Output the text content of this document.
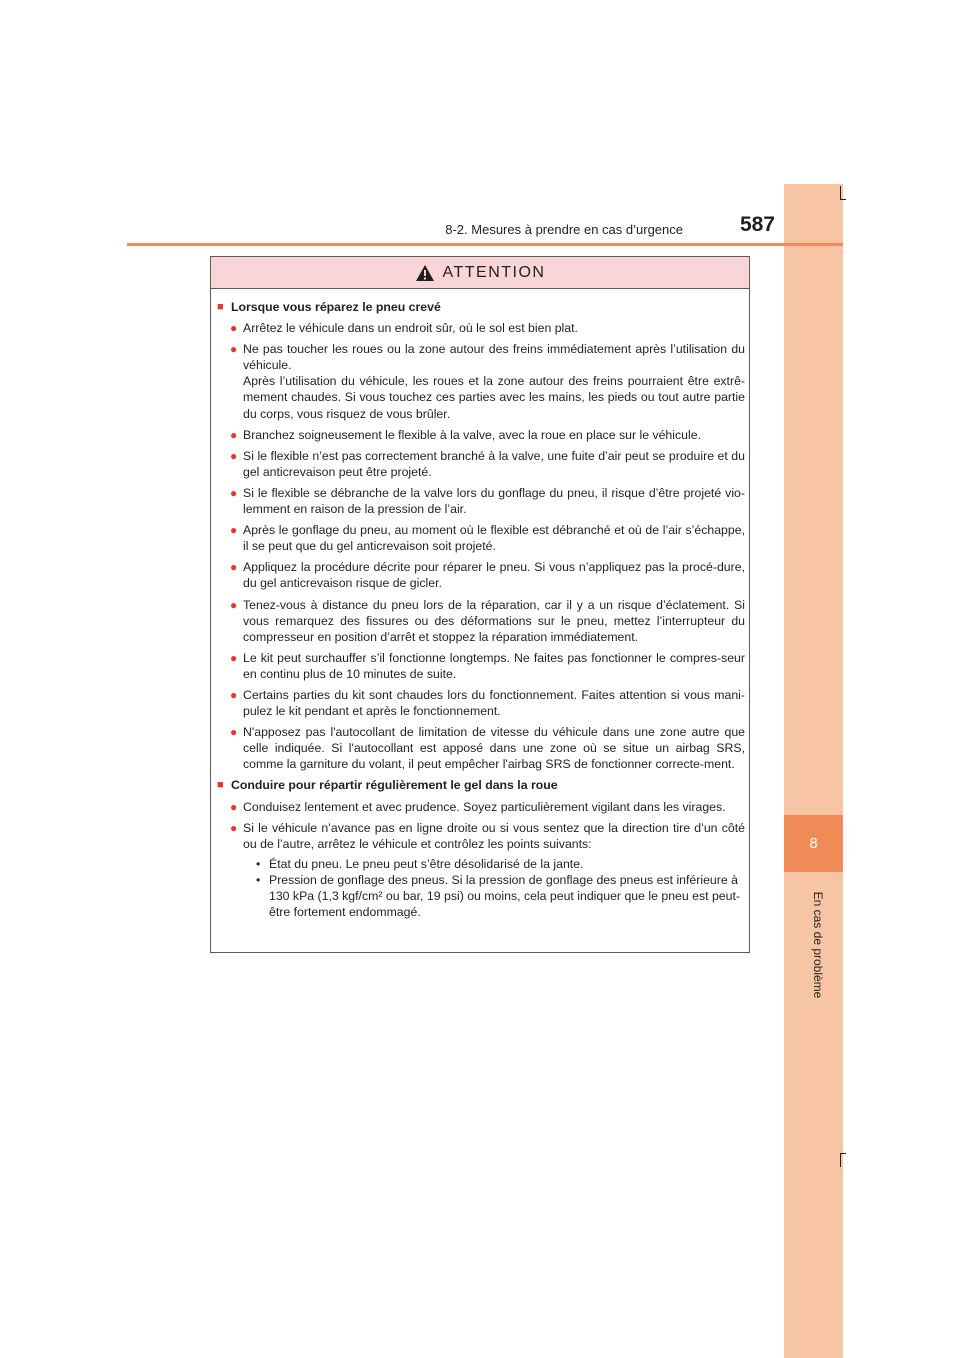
8
En cas de problème
8-2. Mesures à prendre en cas d’urgence	587
ATTENTION
■ Lorsque vous réparez le pneu crevé
● Arrêtez le véhicule dans un endroit sûr, où le sol est bien plat.
● Ne pas toucher les roues ou la zone autour des freins immédiatement après l’utilisation du véhicule.
Après l’utilisation du véhicule, les roues et la zone autour des freins pourraient être extrê-mement chaudes. Si vous touchez ces parties avec les mains, les pieds ou tout autre partie du corps, vous risquez de vous brûler.
● Branchez soigneusement le flexible à la valve, avec la roue en place sur le véhicule.
● Si le flexible n’est pas correctement branché à la valve, une fuite d’air peut se produire et du gel anticrevaison peut être projeté.
● Si le flexible se débranche de la valve lors du gonflage du pneu, il risque d’être projeté vio-lemment en raison de la pression de l’air.
● Après le gonflage du pneu, au moment où le flexible est débranché et où de l’air s’échappe, il se peut que du gel anticrevaison soit projeté.
● Appliquez la procédure décrite pour réparer le pneu. Si vous n’appliquez pas la procé-dure, du gel anticrevaison risque de gicler.
● Tenez-vous à distance du pneu lors de la réparation, car il y a un risque d’éclatement. Si vous remarquez des fissures ou des déformations sur le pneu, mettez l’interrupteur du compresseur en position d’arrêt et stoppez la réparation immédiatement.
● Le kit peut surchauffer s’il fonctionne longtemps. Ne faites pas fonctionner le compres-seur en continu plus de 10 minutes de suite.
● Certains parties du kit sont chaudes lors du fonctionnement. Faites attention si vous mani-pulez le kit pendant et après le fonctionnement.
● N'apposez pas l'autocollant de limitation de vitesse du véhicule dans une zone autre que celle indiquée. Si l'autocollant est apposé dans une zone où se situe un airbag SRS, comme la garniture du volant, il peut empêcher l'airbag SRS de fonctionner correcte-ment.
■ Conduire pour répartir régulièrement le gel dans la roue
● Conduisez lentement et avec prudence. Soyez particulièrement vigilant dans les virages.
● Si le véhicule n’avance pas en ligne droite ou si vous sentez que la direction tire d’un côté ou de l’autre, arrêtez le véhicule et contrôlez les points suivants:
• État du pneu. Le pneu peut s’être désolidarisé de la jante.
• Pression de gonflage des pneus. Si la pression de gonflage des pneus est inférieure à 130 kPa (1,3 kgf/cm² ou bar, 19 psi) ou moins, cela peut indiquer que le pneu est peut-être fortement endommagé.
